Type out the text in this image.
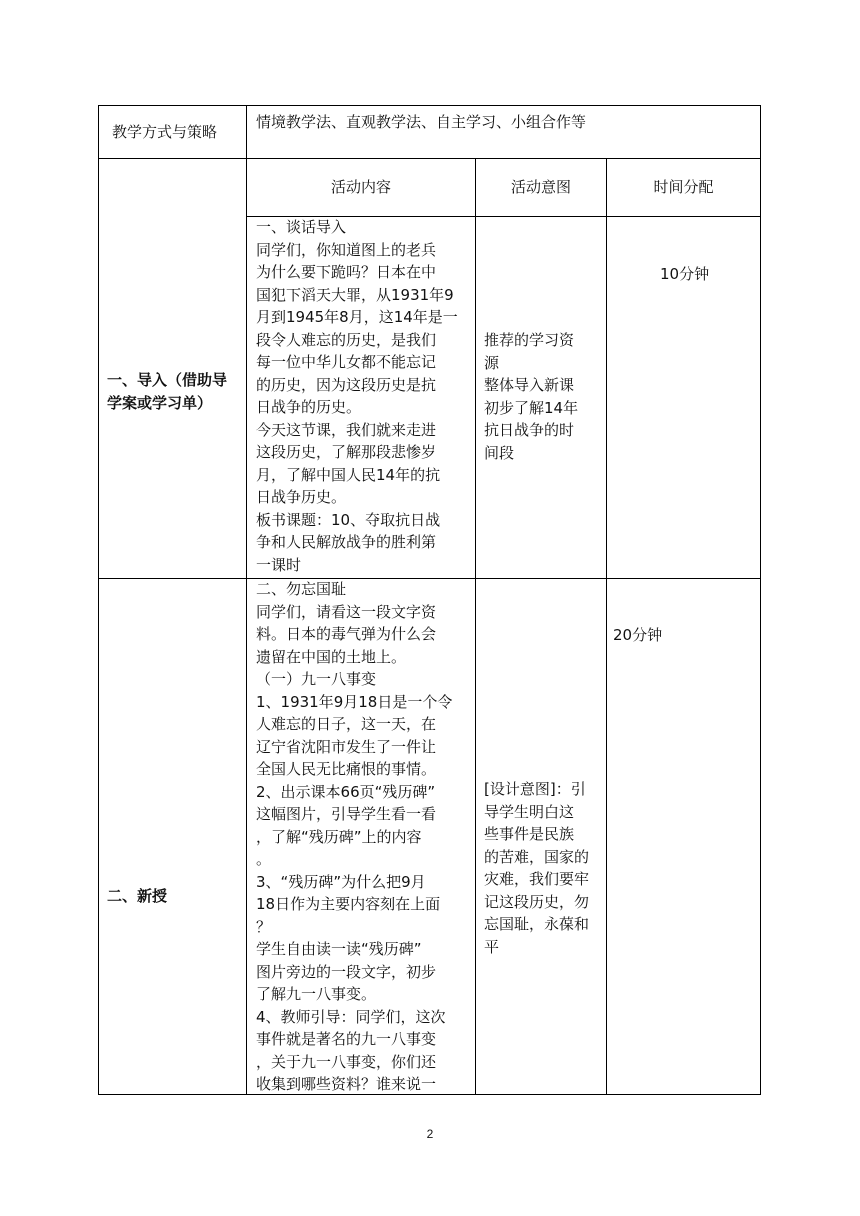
教学方式与策略
情境教学法、直观教学法、自主学习、小组合作等
活动内容	活动意图	时间分配
一、导入（借助导
学案或学习单）
一、谈话导入
同学们，你知道图上的老兵
为什么要下跪吗？日本在中
国犯下滔天大罪，从1931年9
月到1945年8月，这14年是一
段令人难忘的历史，是我们
每一位中华儿女都不能忘记
的历史，因为这段历史是抗
日战争的历史。
今天这节课，我们就来走进
这段历史，了解那段悲惨岁
月，了解中国人民14年的抗
日战争历史。
板书课题：10、夺取抗日战
争和人民解放战争的胜利第
一课时
推荐的学习资
源
整体导入新课
初步了解14年
抗日战争的时
间段
10分钟
二、新授
二、勿忘国耻
同学们，请看这一段文字资
料。日本的毒气弹为什么会
遗留在中国的土地上。
（一）九一八事变
1、1931年9月18日是一个令
人难忘的日子，这一天，在
辽宁省沈阳市发生了一件让
全国人民无比痛恨的事情。
2、出示课本66页“残历碑”
这幅图片，引导学生看一看
，了解“残历碑”上的内容
。
3、“残历碑”为什么把9月
18日作为主要内容刻在上面
？
学生自由读一读“残历碑”
图片旁边的一段文字，初步
了解九一八事变。
4、教师引导：同学们，这次
事件就是著名的九一八事变
，关于九一八事变，你们还
收集到哪些资料？谁来说一
[设计意图]：引
导学生明白这
些事件是民族
的苦难，国家的
灾难，我们要牢
记这段历史，勿
忘国耻，永葆和
平
20分钟
2
